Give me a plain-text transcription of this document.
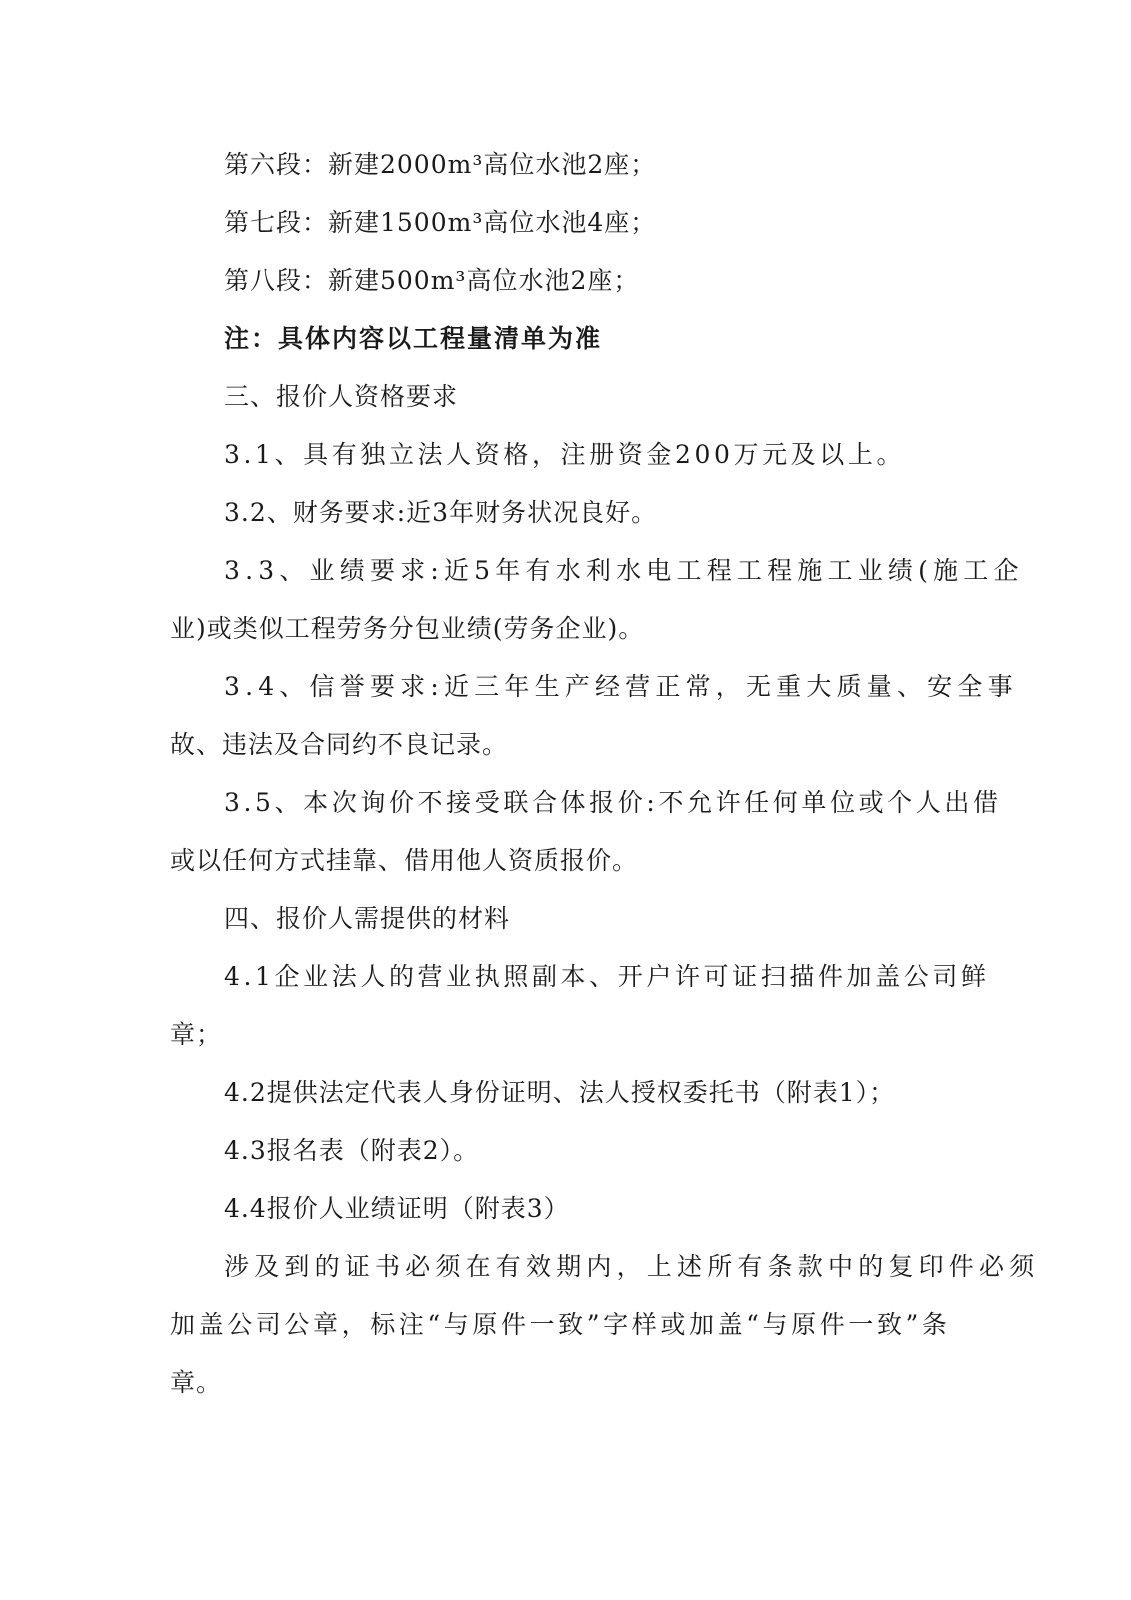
第六段：新建2000m³高位水池2座；
第七段：新建1500m³高位水池4座；
第八段：新建500m³高位水池2座；
注：具体内容以工程量清单为准
三、报价人资格要求
3.1、具有独立法人资格，注册资金200万元及以上。
3.2、财务要求:近3年财务状况良好。
3.3、业绩要求:近5年有水利水电工程工程施工业绩(施工企
业)或类似工程劳务分包业绩(劳务企业)。
3.4、信誉要求:近三年生产经营正常，无重大质量、安全事
故、违法及合同约不良记录。
3.5、本次询价不接受联合体报价:不允许任何单位或个人出借
或以任何方式挂靠、借用他人资质报价。
四、报价人需提供的材料
4.1企业法人的营业执照副本、开户许可证扫描件加盖公司鲜
章；
4.2提供法定代表人身份证明、法人授权委托书（附表1）；
4.3报名表（附表2）。
4.4报价人业绩证明（附表3）
涉及到的证书必须在有效期内，上述所有条款中的复印件必须
加盖公司公章，标注“与原件一致”字样或加盖“与原件一致”条
章。
